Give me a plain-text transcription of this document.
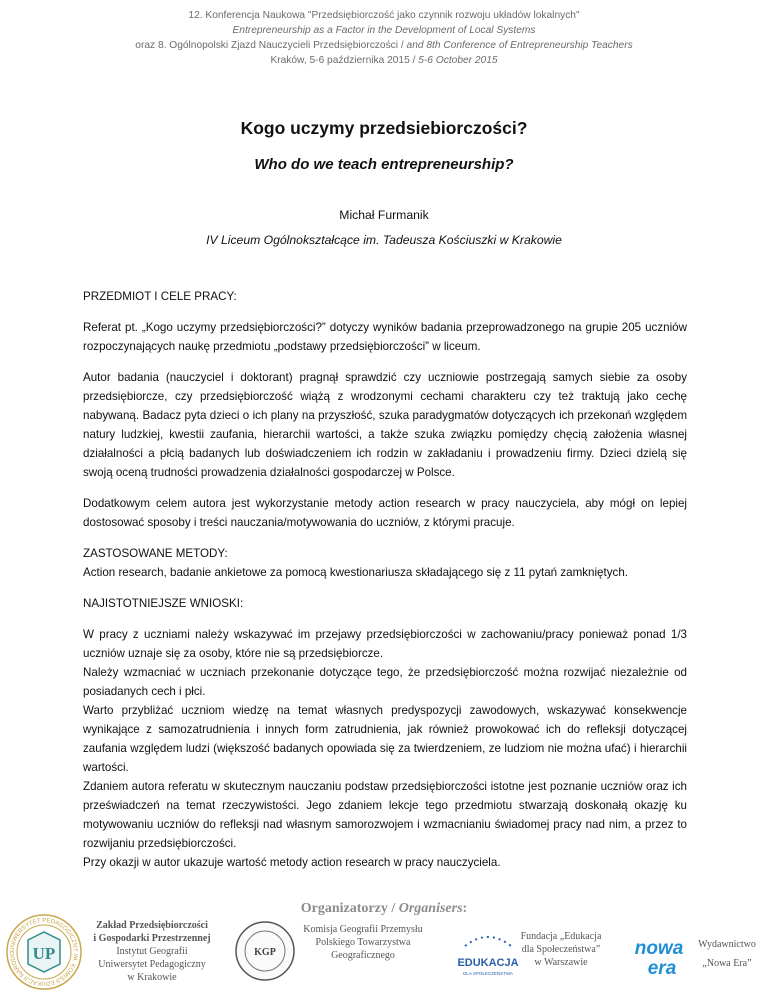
12. Konferencja Naukowa "Przedsiębiorczość jako czynnik rozwoju układów lokalnych"
Entrepreneurship as a Factor in the Development of Local Systems
oraz 8. Ogólnopolski Zjazd Nauczycieli Przedsiębiorczości / and 8th Conference of Entrepreneurship Teachers
Kraków, 5-6 października 2015 / 5-6 October 2015
Kogo uczymy przedsiebiorczości?
Who do we teach entrepreneurship?
Michał Furmanik
IV Liceum Ogólnokształcące im. Tadeusza Kościuszki w Krakowie

PRZEDMIOT I CELE PRACY:

Referat pt. „Kogo uczymy przedsiębiorczości?” dotyczy wyników badania przeprowadzonego na grupie 205 uczniów rozpoczynających naukę przedmiotu „podstawy przedsiębiorczości” w liceum.

Autor badania (nauczyciel i doktorant) pragnął sprawdzić czy uczniowie postrzegają samych siebie za osoby przedsiębiorcze, czy przedsiębiorczość wiążą z wrodzonymi cechami charakteru czy też traktują jako cechę nabywaną. Badacz pyta dzieci o ich plany na przyszłość, szuka paradygmatów dotyczących ich przekonań względem natury ludzkiej, kwestii zaufania, hierarchii wartości, a także szuka związku pomiędzy chęcią założenia własnej działalności a płcią badanych lub doświadczeniem ich rodzin w zakładaniu i prowadzeniu firmy. Dzieci dzielą się swoją oceną trudności prowadzenia działalności gospodarczej w Polsce.

Dodatkowym celem autora jest wykorzystanie metody action research w pracy nauczyciela, aby mógł on lepiej dostosować sposoby i treści nauczania/motywowania do uczniów, z którymi pracuje.

ZASTOSOWANE METODY:

Action research, badanie ankietowe za pomocą kwestionariusza składającego się z 11 pytań zamkniętych.

NAJISTOTNIEJSZE WNIOSKI:

W pracy z uczniami należy wskazywać im przejawy przedsiębiorczości w zachowaniu/pracy ponieważ ponad 1/3 uczniów uznaje się za osoby, które nie są przedsiębiorcze.

Należy wzmacniać w uczniach przekonanie dotyczące tego, że przedsiębiorczość można rozwijać niezależnie od posiadanych cech i płci.

Warto przybliżać uczniom wiedzę na temat własnych predyspozycji zawodowych, wskazywać konsekwencje wynikające z samozatrudnienia i innych form zatrudnienia, jak również prowokować ich do refleksji dotyczącej zaufania względem ludzi (większość badanych opowiada się za twierdzeniem, ze ludziom nie można ufać) i hierarchii wartości.

Zdaniem autora referatu w skutecznym nauczaniu podstaw przedsiębiorczości istotne jest poznanie uczniów oraz ich przeświadczeń na temat rzeczywistości. Jego zdaniem lekcje tego przedmiotu stwarzają doskonałą okazję ku motywowaniu uczniów do refleksji nad własnym samorozwojem i wzmacnianiu świadomej pracy nad nim, a przez to rozwijaniu przedsiębiorczości.

Przy okazji w autor ukazuje wartość metody action research w pracy nauczyciela.

Organizatorzy / Organisers:
UNIWERSYTET PEDAGOGICZNY IM. KOMISJI EDUKACJI NARODO UP
Zakład Przedsiębiorczości
i Gospodarki Przestrzennej
Instytut Geografii
Uniwersytet Pedagogiczny
w Krakowie
KGP
Komisja Geografii Przemysłu
Polskiego Towarzystwa
Geograficznego
EDUKACJA
DLA SPOŁECZEŃSTWA
Fundacja „Edukacja
dla Społeczeństwa”
w Warszawie
nowa
era
Wydawnictwo
„Nowa Era”
